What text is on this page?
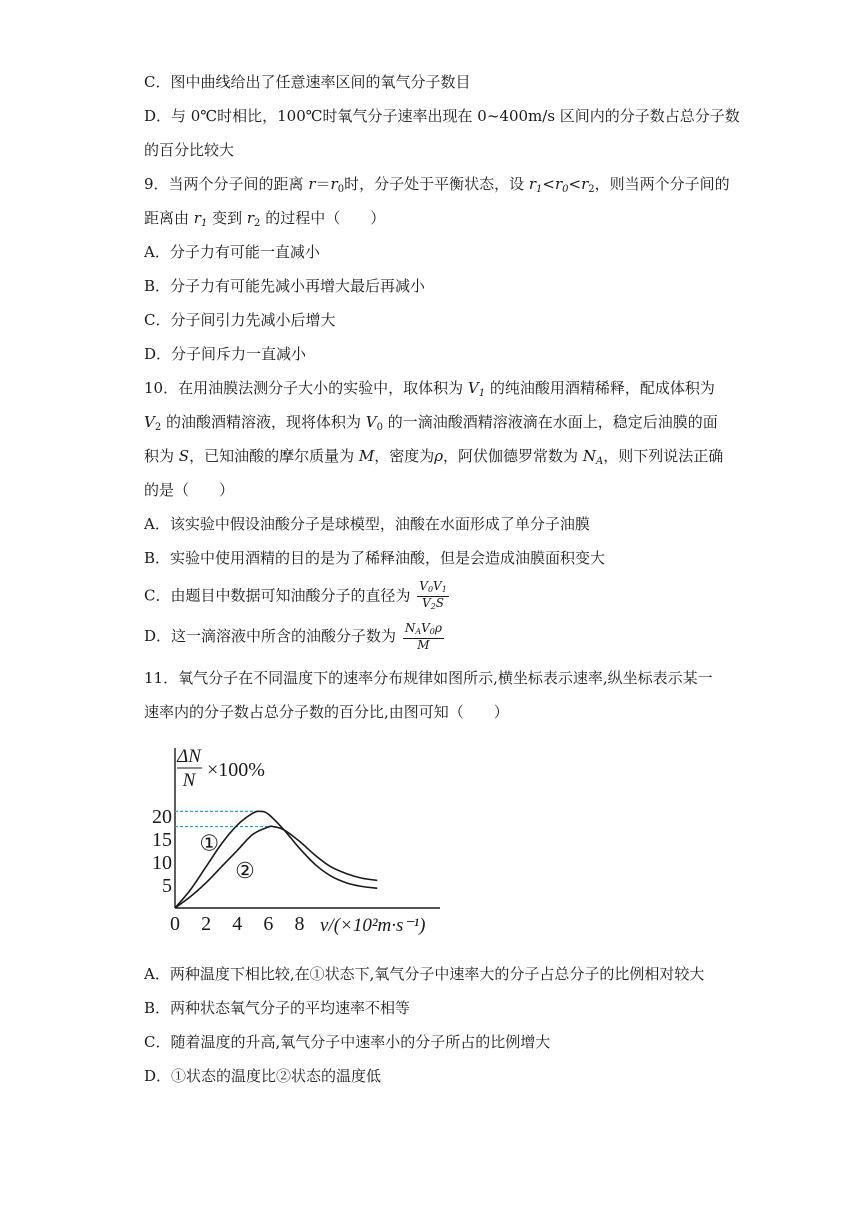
C．图中曲线给出了任意速率区间的氧气分子数目
D．与 0℃时相比，100℃时氧气分子速率出现在 0~400m/s 区间内的分子数占总分子数
的百分比较大
9．当两个分子间的距离 $r=r_0$时，分子处于平衡状态，设 $r_1<r_0<r_2$，则当两个分子间的
距离由 $r_1$ 变到 $r_2$ 的过程中（　　）
A．分子力有可能一直减小
B．分子力有可能先减小再增大最后再减小
C．分子间引力先减小后增大
D．分子间斥力一直减小
10．在用油膜法测分子大小的实验中，取体积为 $V_1$ 的纯油酸用酒精稀释，配成体积为
$V_2$ 的油酸酒精溶液，现将体积为 $V_0$ 的一滴油酸酒精溶液滴在水面上，稳定后油膜的面
积为 S，已知油酸的摩尔质量为 M，密度为ρ，阿伏伽德罗常数为 $N_A$，则下列说法正确
的是（　　）
A．该实验中假设油酸分子是球模型，油酸在水面形成了单分子油膜
B．实验中使用酒精的目的是为了稀释油酸，但是会造成油膜面积变大
C．由题目中数据可知油酸分子的直径为 $\frac{V_0V_1}{V_2S}$
D．这一滴溶液中所含的油酸分子数为 $\frac{N_AV_0\rho}{M}$
11．氧气分子在不同温度下的速率分布规律如图所示,横坐标表示速率,纵坐标表示某一
速率内的分子数占总分子数的百分比,由图可知（　　）
ΔN
N ×100%
0 2 4 6 8
5
10
15
20
v/(×10²m·s⁻¹)
①
②
A．两种温度下相比较,在①状态下,氧气分子中速率大的分子占总分子的比例相对较大
B．两种状态氧气分子的平均速率不相等
C．随着温度的升高,氧气分子中速率小的分子所占的比例增大
D．①状态的温度比②状态的温度低
